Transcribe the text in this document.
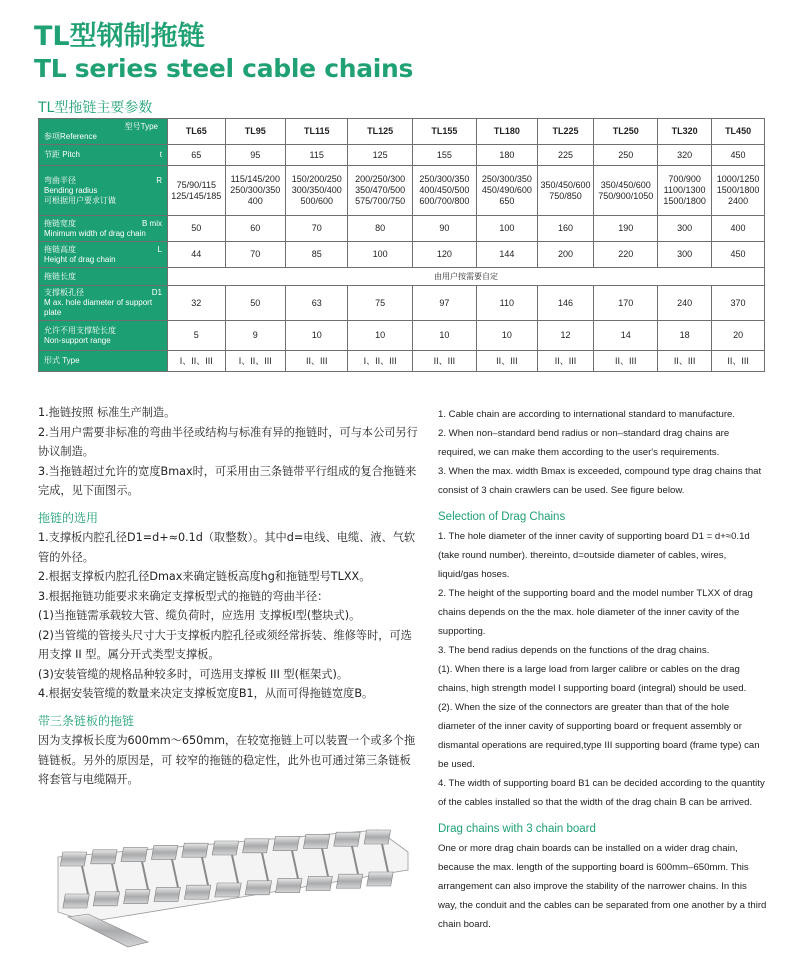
TL型钢制拖链
TL series steel cable chains
TL型拖链主要参数
型号Type
参项Reference	TL65	TL95	TL115	TL125	TL155	TL180	TL225	TL250	TL320	TL450

t
节距 Pitch	65	95	115	125	155	180	225	250	320	450

R
弯曲半径
Bending radius
可根据用户要求订做	75/90/115 125/145/185	115/145/200 250/300/350 400	150/200/250 300/350/400 500/600	200/250/300 350/470/500 575/700/750	250/300/350 400/450/500 600/700/800	250/300/350 450/490/600 650	350/450/600 750/850	350/450/600 750/900/1050	700/900 1100/1300 1500/1800	1000/1250 1500/1800 2400

B mix
拖链宽度
Minimum width of drag chain	50	60	70	80	90	100	160	190	300	400

L
拖链高度
Height of drag chain	44	70	85	100	120	144	200	220	300	450

拖链长度	由用户按需要自定									

D1
支撑板孔径
M ax. hole diameter of support plate	32	50	63	75	97	110	146	170	240	370

允许不用支撑轮长度
Non-support range	5	9	10	10	10	10	12	14	18	20

形式 Type	I、II、III	I、II、III	II、III	I、II、III	II、III	II、III	II、III	II、III	II、III	II、III

1.拖链按照 标准生产制造。

2.当用户需要非标准的弯曲半径或结构与标准有异的拖链时，可与本公司另行协议制造。

3.当拖链超过允许的宽度Bmax时，可采用由三条链带平行组成的复合拖链来完成，见下面图示。

拖链的选用

1.支撑板内腔孔径D1=d+≈0.1d（取整数）。其中d=电线、电缆、液、气软管的外径。

2.根据支撑板内腔孔径Dmax来确定链板高度hg和拖链型号TLXX。

3.根据拖链功能要求来确定支撑板型式的拖链的弯曲半径：

(1)当拖链需承载较大管、缆负荷时，应选用 支撑板I型(整块式)。

(2)当管缆的管接头尺寸大于支撑板内腔孔径或须经常拆装、维修等时，可选用支撑 II 型。属分开式类型支撑板。

(3)安装管缆的规格品种较多时，可选用支撑板 III 型(框架式)。

4.根据安装管缆的数量来决定支撑板宽度B1，从而可得拖链宽度B。

带三条链板的拖链

因为支撑板长度为600mm～650mm，在较宽拖链上可以装置一个或多个拖链链板。另外的原因是，可 较窄的拖链的稳定性，此外也可通过第三条链板将套管与电缆隔开。

1. Cable chain are according to international standard to manufacture.

2. When non–standard bend radius or non–standard drag chains are required, we can make them according to the user's requirements.

3. When the max. width Bmax is exceeded, compound type drag chains that consist of 3 chain crawlers can be used. See figure below.

Selection of Drag Chains

1. The hole diameter of the inner cavity of supporting board D1 = d+≈0.1d (take round number). thereinto, d=outside diameter of cables, wires, liquid/gas hoses.

2. The height of the supporting board and the model number TLXX of drag chains depends on the the max. hole diameter of the inner cavity of the supporting.

3. The bend radius depends on the functions of the drag chains.

(1). When there is a large load from larger calibre or cables on the drag chains, high strength model I supporting board (integral) should be used.

(2). When the size of the connectors are greater than that of the hole diameter of the inner cavity of supporting board or frequent assembly or dismantal operations are required,type III supporting board (frame type) can be used.

4. The width of supporting board B1 can be decided according to the quantity of the cables installed so that the width of the drag chain B can be arrived.

Drag chains with 3 chain board

One or more drag chain boards can be installed on a wider drag chain, because the max. length of the supporting board is 600mm–650mm. This arrangement can also improve the stability of the narrower chains. In this way, the conduit and the cables can be separated from one another by a third chain board.
